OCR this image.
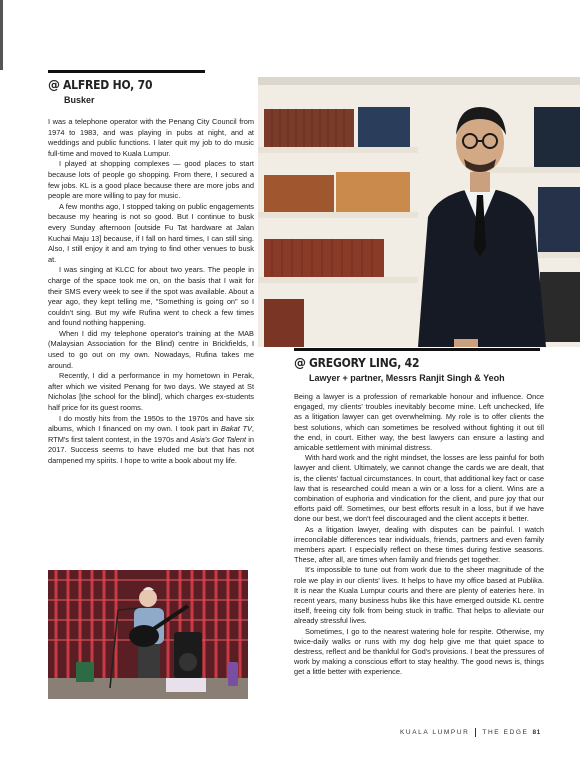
@ ALFRED HO, 70
Busker

I was a telephone operator with the Penang City Council from 1974 to 1983, and was playing in pubs at night, and at weddings and public functions. I later quit my job to do music full-time and moved to Kuala Lumpur.

I played at shopping complexes — good places to start because lots of people go shopping. From there, I secured a few jobs. KL is a good place because there are more jobs and people are more willing to pay for music.

A few months ago, I stopped taking on public engagements because my hearing is not so good. But I continue to busk every Sunday afternoon [outside Fu Tat hardware at Jalan Kuchai Maju 13] because, if I fall on hard times, I can still sing. Also, I still enjoy it and am trying to find other venues to busk at.

I was singing at KLCC for about two years. The people in charge of the space took me on, on the basis that I wait for their SMS every week to see if the spot was available. About a year ago, they kept telling me, "Something is going on" so I couldn't sing. But my wife Rufina went to check a few times and found nothing happening.

When I did my telephone operator's training at the MAB (Malaysian Association for the Blind) centre in Brickfields, I used to go out on my own. Nowadays, Rufina takes me around.

Recently, I did a performance in my hometown in Perak, after which we visited Penang for two days. We stayed at St Nicholas [the school for the blind], which charges ex-students half price for its guest rooms.

I do mostly hits from the 1950s to the 1970s and have six albums, which I financed on my own. I took part in Bakat TV, RTM's first talent contest, in the 1970s and Asia's Got Talent in 2017. Success seems to have eluded me but that has not dampened my spirits. I hope to write a book about my life.

@ GREGORY LING, 42
Lawyer + partner, Messrs Ranjit Singh & Yeoh

Being a lawyer is a profession of remarkable honour and influence. Once engaged, my clients' troubles inevitably become mine. Left unchecked, life as a litigation lawyer can get overwhelming. My role is to offer clients the best solutions, which can sometimes be resolved without fighting it out till the end, in court. Either way, the best lawyers can ensure a lasting and amicable settlement with minimal distress.

With hard work and the right mindset, the losses are less painful for both lawyer and client. Ultimately, we cannot change the cards we are dealt, that is, the clients' factual circumstances. In court, that additional key fact or case law that is researched could mean a win or a loss for a client. Wins are a combination of euphoria and vindication for the client, and pure joy that our efforts paid off. Sometimes, our best efforts result in a loss, but if we have done our best, we don't feel discouraged and the client accepts it better.

As a litigation lawyer, dealing with disputes can be painful. I watch irreconcilable differences tear individuals, friends, partners and even family members apart. I especially reflect on these times during festive seasons. These, after all, are times when family and friends get together.

It's impossible to tune out from work due to the sheer magnitude of the role we play in our clients' lives. It helps to have my office based at Publika. It is near the Kuala Lumpur courts and there are plenty of eateries here. In recent years, many business hubs like this have emerged outside KL centre itself, freeing city folk from being stuck in traffic. That helps to alleviate our already stressful lives.

Sometimes, I go to the nearest watering hole for respite. Otherwise, my twice-daily walks or runs with my dog help give me that quiet space to destress, reflect and be thankful for God's provisions. I beat the pressures of work by making a conscious effort to stay healthy. The good news is, things get a little better with experience.

KUALA LUMPUR THE EDGE 81
